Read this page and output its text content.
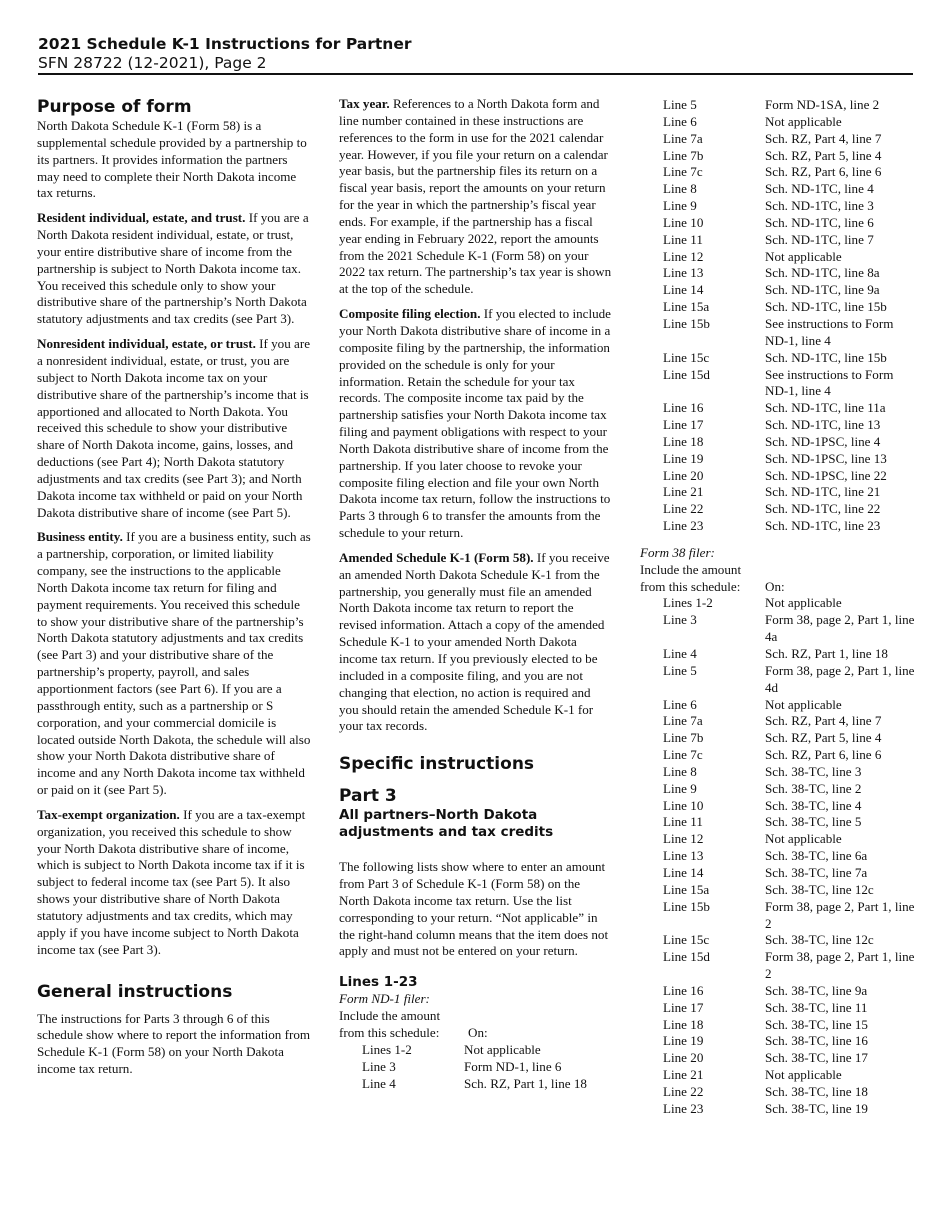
2021 Schedule K-1 Instructions for Partner
SFN 28722 (12-2021), Page 2
Purpose of form

North Dakota Schedule K-1 (Form 58) is a supplemental schedule provided by a partnership to its partners. It provides information the partners may need to complete their North Dakota income tax returns.

Resident individual, estate, and trust. If you are a North Dakota resident individual, estate, or trust, your entire distributive share of income from the partnership is subject to North Dakota income tax. You received this schedule only to show your distributive share of the partnership’s North Dakota statutory adjustments and tax credits (see Part 3).

Nonresident individual, estate, or trust. If you are a nonresident individual, estate, or trust, you are subject to North Dakota income tax on your distributive share of the partnership’s income that is apportioned and allocated to North Dakota. You received this schedule to show your distributive share of North Dakota income, gains, losses, and deductions (see Part 4); North Dakota statutory adjustments and tax credits (see Part 3); and North Dakota income tax withheld or paid on your North Dakota distributive share of income (see Part 5).

Business entity. If you are a business entity, such as a partnership, corporation, or limited liability company, see the instructions to the applicable North Dakota income tax return for filing and payment requirements. You received this schedule to show your distributive share of the partnership’s North Dakota statutory adjustments and tax credits (see Part 3) and your distributive share of the partnership’s property, payroll, and sales apportionment factors (see Part 6). If you are a passthrough entity, such as a partnership or S corporation, and your commercial domicile is located outside North Dakota, the schedule will also show your North Dakota distributive share of income and any North Dakota income tax withheld or paid on it (see Part 5).

Tax-exempt organization. If you are a tax-exempt organization, you received this schedule to show your North Dakota distributive share of income, which is subject to North Dakota income tax if it is subject to federal income tax (see Part 5). It also shows your distributive share of North Dakota statutory adjustments and tax credits, which may apply if you have income subject to North Dakota income tax (see Part 3).

General instructions

The instructions for Parts 3 through 6 of this schedule show where to report the information from Schedule K-1 (Form 58) on your North Dakota income tax return.

Tax year. References to a North Dakota form and line number contained in these instructions are references to the form in use for the 2021 calendar year. However, if you file your return on a calendar year basis, but the partnership files its return on a fiscal year basis, report the amounts on your return for the year in which the partnership’s fiscal year ends. For example, if the partnership has a fiscal year ending in February 2022, report the amounts from the 2021 Schedule K-1 (Form 58) on your 2022 tax return. The partnership’s tax year is shown at the top of the schedule.

Composite filing election. If you elected to include your North Dakota distributive share of income in a composite filing by the partnership, the information provided on the schedule is only for your information. Retain the schedule for your tax records. The composite income tax paid by the partnership satisfies your North Dakota income tax filing and payment obligations with respect to your North Dakota distributive share of income from the partnership. If you later choose to revoke your composite filing election and file your own North Dakota income tax return, follow the instructions to Parts 3 through 6 to transfer the amounts from the schedule to your return.

Amended Schedule K-1 (Form 58). If you receive an amended North Dakota Schedule K-1 from the partnership, you generally must file an amended North Dakota income tax return to report the revised information. Attach a copy of the amended Schedule K-1 to your amended North Dakota income tax return. If you previously elected to be included in a composite filing, and you are not changing that election, no action is required and you should retain the amended Schedule K-1 for your tax records.

Specific instructions
Part 3
All partners–North Dakota adjustments and tax credits

The following lists show where to enter an amount from Part 3 of Schedule K-1 (Form 58) on the North Dakota income tax return. Use the list corresponding to your return. “Not applicable” in the right-hand column means that the item does not apply and must not be entered on your return.

Lines 1-23
Form ND-1 filer:
Include the amount
from this schedule:	On:
Lines 1-2	Not applicable
Line 3	Form ND-1, line 6
Line 4	Sch. RZ, Part 1, line 18
Line 5	Form ND-1SA, line 2
Line 6	Not applicable
Line 7a	Sch. RZ, Part 4, line 7
Line 7b	Sch. RZ, Part 5, line 4
Line 7c	Sch. RZ, Part 6, line 6
Line 8	Sch. ND-1TC, line 4
Line 9	Sch. ND-1TC, line 3
Line 10	Sch. ND-1TC, line 6
Line 11	Sch. ND-1TC, line 7
Line 12	Not applicable
Line 13	Sch. ND-1TC, line 8a
Line 14	Sch. ND-1TC, line 9a
Line 15a	Sch. ND-1TC, line 15b
Line 15b	See instructions to Form ND-1, line 4
Line 15c	Sch. ND-1TC, line 15b
Line 15d	See instructions to Form ND-1, line 4
Line 16	Sch. ND-1TC, line 11a
Line 17	Sch. ND-1TC, line 13
Line 18	Sch. ND-1PSC, line 4
Line 19	Sch. ND-1PSC, line 13
Line 20	Sch. ND-1PSC, line 22
Line 21	Sch. ND-1TC, line 21
Line 22	Sch. ND-1TC, line 22
Line 23	Sch. ND-1TC, line 23
Form 38 filer:
Include the amount
from this schedule:	On:
Lines 1-2	Not applicable
Line 3	Form 38, page 2, Part 1, line 4a
Line 4	Sch. RZ, Part 1, line 18
Line 5	Form 38, page 2, Part 1, line 4d
Line 6	Not applicable
Line 7a	Sch. RZ, Part 4, line 7
Line 7b	Sch. RZ, Part 5, line 4
Line 7c	Sch. RZ, Part 6, line 6
Line 8	Sch. 38-TC, line 3
Line 9	Sch. 38-TC, line 2
Line 10	Sch. 38-TC, line 4
Line 11	Sch. 38-TC, line 5
Line 12	Not applicable
Line 13	Sch. 38-TC, line 6a
Line 14	Sch. 38-TC, line 7a
Line 15a	Sch. 38-TC, line 12c
Line 15b	Form 38, page 2, Part 1, line 2
Line 15c	Sch. 38-TC, line 12c
Line 15d	Form 38, page 2, Part 1, line 2
Line 16	Sch. 38-TC, line 9a
Line 17	Sch. 38-TC, line 11
Line 18	Sch. 38-TC, line 15
Line 19	Sch. 38-TC, line 16
Line 20	Sch. 38-TC, line 17
Line 21	Not applicable
Line 22	Sch. 38-TC, line 18
Line 23	Sch. 38-TC, line 19
